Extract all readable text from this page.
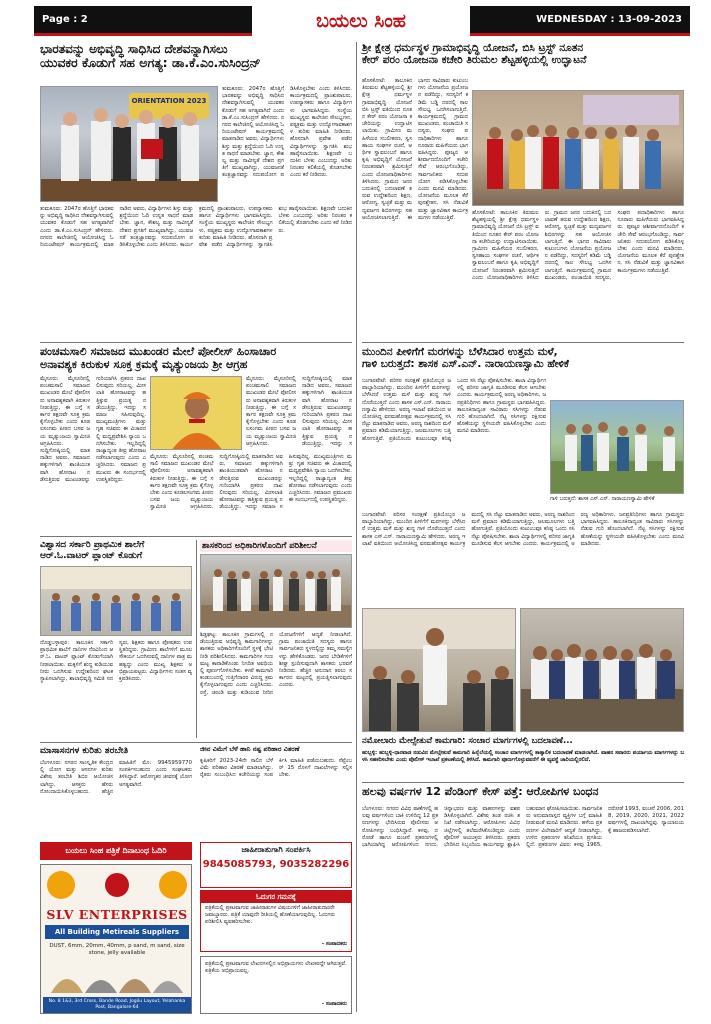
Page : 2	ಬಯಲು ಸಿಂಹ	WEDNESDAY : 13-09-2023
ಭಾರತವನ್ನು ಅಭಿವೃದ್ಧಿ ಸಾಧಿಸಿದ ದೇಶವನ್ನಾಗಿಸಲು
ಯುವಕರ ಕೊಡುಗೆ ಸಹ ಅಗತ್ಯ: ಡಾ.ಕೆ.ಎಂ.ಸುಸಿಂದ್ರನ್
ORIENTATION 2023
ತುಮಕೂರು: 2047ರ ಹೊತ್ತಿಗೆ ಭಾರತವನ್ನು ಅಭಿವೃದ್ಧಿ ಸಾಧಿಸಿದ ದೇಶವನ್ನಾಗಿಸುವಲ್ಲಿ ಯುವಕರ ಕೊಡುಗೆ ಸಹ ಅಗತ್ಯವಾಗಿದೆ ಎಂದು ಡಾ.ಕೆ.ಎಂ.ಸುಸಿಂದ್ರನ್ ಹೇಳಿದರು. ನಗರದ ಕಾಲೇಜಿನಲ್ಲಿ ಆಯೋಜಿಸಿದ್ದ ಓರಿಯಂಟೇಷನ್ ಕಾರ್ಯಕ್ರಮದಲ್ಲಿ ಮಾತನಾಡಿದ ಅವರು, ವಿದ್ಯಾರ್ಥಿಗಳು ಶಿಸ್ತು ಮತ್ತು ಶ್ರದ್ಧೆಯಿಂದ ಓದಿ ಉನ್ನತ ಸಾಧನೆ ಮಾಡಬೇಕು. ಜ್ಞಾನ, ಕೌಶಲ್ಯ ಮತ್ತು ನಾವೀನ್ಯತೆ ದೇಶದ ಪ್ರಗತಿಗೆ ಮುಖ್ಯವಾಗಿದ್ದು, ಯುವಜನತೆ ತಂತ್ರಜ್ಞಾನವನ್ನು ಸದುಪಯೋಗ ಪಡಿಸಿಕೊಳ್ಳಬೇಕು ಎಂದು ತಿಳಿಸಿದರು. ಕಾರ್ಯಕ್ರಮದಲ್ಲಿ ಪ್ರಾಂಶುಪಾಲರು, ಉಪನ್ಯಾಸಕರು ಹಾಗೂ ವಿದ್ಯಾರ್ಥಿಗಳು ಭಾಗವಹಿಸಿದ್ದರು. ಸಂಸ್ಥೆಯ ಮುಖ್ಯಸ್ಥರು ಕಾಲೇಜಿನ ಸೌಲಭ್ಯಗಳು, ಪಠ್ಯಕ್ರಮ ಮತ್ತು ಉದ್ಯೋಗಾವಕಾಶಗಳ ಕುರಿತು ಮಾಹಿತಿ ನೀಡಿದರು. ಹೊಸದಾಗಿ ಪ್ರವೇಶ ಪಡೆದ ವಿದ್ಯಾರ್ಥಿಗಳನ್ನು ಸ್ವಾಗತಿಸಿ ಶುಭ ಹಾರೈಸಲಾಯಿತು. ಶಿಕ್ಷಣವೇ ಬದುಕಿನ ಬೆಳಕು ಎಂಬುದನ್ನು ಅರಿತು ನಿರಂತರ ಕಲಿಕೆಯಲ್ಲಿ ತೊಡಗಬೇಕು ಎಂದು ಕರೆ ನೀಡಿದರು.
ತುಮಕೂರು: 2047ರ ಹೊತ್ತಿಗೆ ಭಾರತವನ್ನು ಅಭಿವೃದ್ಧಿ ಸಾಧಿಸಿದ ದೇಶವನ್ನಾಗಿಸುವಲ್ಲಿ ಯುವಕರ ಕೊಡುಗೆ ಸಹ ಅಗತ್ಯವಾಗಿದೆ ಎಂದು ಡಾ.ಕೆ.ಎಂ.ಸುಸಿಂದ್ರನ್ ಹೇಳಿದರು. ನಗರದ ಕಾಲೇಜಿನಲ್ಲಿ ಆಯೋಜಿಸಿದ್ದ ಓರಿಯಂಟೇಷನ್ ಕಾರ್ಯಕ್ರಮದಲ್ಲಿ ಮಾತನಾಡಿದ ಅವರು, ವಿದ್ಯಾರ್ಥಿಗಳು ಶಿಸ್ತು ಮತ್ತು ಶ್ರದ್ಧೆಯಿಂದ ಓದಿ ಉನ್ನತ ಸಾಧನೆ ಮಾಡಬೇಕು. ಜ್ಞಾನ, ಕೌಶಲ್ಯ ಮತ್ತು ನಾವೀನ್ಯತೆ ದೇಶದ ಪ್ರಗತಿಗೆ ಮುಖ್ಯವಾಗಿದ್ದು, ಯುವಜನತೆ ತಂತ್ರಜ್ಞಾನವನ್ನು ಸದುಪಯೋಗ ಪಡಿಸಿಕೊಳ್ಳಬೇಕು ಎಂದು ತಿಳಿಸಿದರು. ಕಾರ್ಯಕ್ರಮದಲ್ಲಿ ಪ್ರಾಂಶುಪಾಲರು, ಉಪನ್ಯಾಸಕರು ಹಾಗೂ ವಿದ್ಯಾರ್ಥಿಗಳು ಭಾಗವಹಿಸಿದ್ದರು. ಸಂಸ್ಥೆಯ ಮುಖ್ಯಸ್ಥರು ಕಾಲೇಜಿನ ಸೌಲಭ್ಯಗಳು, ಪಠ್ಯಕ್ರಮ ಮತ್ತು ಉದ್ಯೋಗಾವಕಾಶಗಳ ಕುರಿತು ಮಾಹಿತಿ ನೀಡಿದರು. ಹೊಸದಾಗಿ ಪ್ರವೇಶ ಪಡೆದ ವಿದ್ಯಾರ್ಥಿಗಳನ್ನು ಸ್ವಾಗತಿಸಿ ಶುಭ ಹಾರೈಸಲಾಯಿತು. ಶಿಕ್ಷಣವೇ ಬದುಕಿನ ಬೆಳಕು ಎಂಬುದನ್ನು ಅರಿತು ನಿರಂತರ ಕಲಿಕೆಯಲ್ಲಿ ತೊಡಗಬೇಕು ಎಂದು ಕರೆ ನೀಡಿದರು.
ಶ್ರೀ ಕ್ಷೇತ್ರ ಧರ್ಮಸ್ಥಳ ಗ್ರಾಮಾಭಿವೃದ್ಧಿ ಯೋಜನೆ, ಬಿಸಿ ಟ್ರಸ್ಟ್ ನೂತನ
ಕೇರ್ ಪರಂ ಯೋಜನಾ ಕಚೇರಿ ತಿರುಮಲ ಶೆಟ್ಟಹಳ್ಳಿಯಲ್ಲಿ ಉದ್ಘಾಟನೆ
ಹೊಸಕೋಟೆ: ತಾಲೂಕಿನ ತಿರುಮಲ ಶೆಟ್ಟಹಳ್ಳಿಯಲ್ಲಿ ಶ್ರೀ ಕ್ಷೇತ್ರ ಧರ್ಮಸ್ಥಳ ಗ್ರಾಮಾಭಿವೃದ್ಧಿ ಯೋಜನೆ ಬಿಸಿ ಟ್ರಸ್ಟ್ ವತಿಯಿಂದ ನೂತನ ಕೇರ್ ಪರಂ ಯೋಜನಾ ಕಚೇರಿಯನ್ನು ಉದ್ಘಾಟಿಸಲಾಯಿತು. ಗ್ರಾಮೀಣ ಮಹಿಳೆಯರ ಸಬಲೀಕರಣ, ಸ್ವಸಹಾಯ ಸಂಘಗಳ ರಚನೆ, ಆರ್ಥಿಕ ಸ್ವಾವಲಂಬನೆ ಹಾಗೂ ಕೃಷಿ ಅಭಿವೃದ್ಧಿಗೆ ಯೋಜನೆ ನಿರಂತರವಾಗಿ ಶ್ರಮಿಸುತ್ತಿದೆ ಎಂದು ಯೋಜನಾಧಿಕಾರಿಗಳು ತಿಳಿಸಿದರು. ಗ್ರಾಮದ ಜನರ ಬದುಕಿನಲ್ಲಿ ಬದಲಾವಣೆ ತರುವ ಉದ್ದೇಶದಿಂದ ಶಿಕ್ಷಣ, ಆರೋಗ್ಯ, ಸ್ವಚ್ಛತೆ ಮತ್ತು ಮದ್ಯವರ್ಜನ ಶಿಬಿರಗಳನ್ನು ಸಹ ಆಯೋಜಿಸಲಾಗುತ್ತಿದೆ. ಈ ಭಾಗದ ಸಾವಿರಾರು ಕುಟುಂಬಗಳು ಯೋಜನೆಯ ಪ್ರಯೋಜನ ಪಡೆದಿದ್ದು, ಸದಸ್ಯರಿಗೆ ಕಡಿಮೆ ಬಡ್ಡಿ ದರದಲ್ಲಿ ಸಾಲ ಸೌಲಭ್ಯ ಒದಗಿಸಲಾಗುತ್ತಿದೆ. ಕಾರ್ಯಕ್ರಮದಲ್ಲಿ ಗ್ರಾಮದ ಮುಖಂಡರು, ಪಂಚಾಯಿತಿ ಸದಸ್ಯರು, ಸಂಘದ ಪದಾಧಿಕಾರಿಗಳು ಹಾಗೂ ನೂರಾರು ಮಹಿಳೆಯರು ಭಾಗವಹಿಸಿದ್ದರು. ಪೂಜ್ಯರ ಆಶೀರ್ವಾದದೊಂದಿಗೆ ಕಚೇರಿ ಸೇವೆ ಆರಂಭಗೊಂಡಿದ್ದು, ಸಾರ್ವಜನಿಕರು ಸದುಪಯೋಗ ಪಡಿಸಿಕೊಳ್ಳಬೇಕು ಎಂದು ಮನವಿ ಮಾಡಿದರು. ಯೋಜನೆಯ ಮೂಲಕ ಕೆರೆ ಪುನಶ್ಚೇತನ, ಸಸಿ ನೆಡುವಿಕೆ ಮತ್ತು ಜ್ಞಾನವಿಕಾಸ ಕಾರ್ಯಕ್ರಮಗಳು ನಡೆಯುತ್ತಿವೆ.
ಹೊಸಕೋಟೆ: ತಾಲೂಕಿನ ತಿರುಮಲ ಶೆಟ್ಟಹಳ್ಳಿಯಲ್ಲಿ ಶ್ರೀ ಕ್ಷೇತ್ರ ಧರ್ಮಸ್ಥಳ ಗ್ರಾಮಾಭಿವೃದ್ಧಿ ಯೋಜನೆ ಬಿಸಿ ಟ್ರಸ್ಟ್ ವತಿಯಿಂದ ನೂತನ ಕೇರ್ ಪರಂ ಯೋಜನಾ ಕಚೇರಿಯನ್ನು ಉದ್ಘಾಟಿಸಲಾಯಿತು. ಗ್ರಾಮೀಣ ಮಹಿಳೆಯರ ಸಬಲೀಕರಣ, ಸ್ವಸಹಾಯ ಸಂಘಗಳ ರಚನೆ, ಆರ್ಥಿಕ ಸ್ವಾವಲಂಬನೆ ಹಾಗೂ ಕೃಷಿ ಅಭಿವೃದ್ಧಿಗೆ ಯೋಜನೆ ನಿರಂತರವಾಗಿ ಶ್ರಮಿಸುತ್ತಿದೆ ಎಂದು ಯೋಜನಾಧಿಕಾರಿಗಳು ತಿಳಿಸಿದರು. ಗ್ರಾಮದ ಜನರ ಬದುಕಿನಲ್ಲಿ ಬದಲಾವಣೆ ತರುವ ಉದ್ದೇಶದಿಂದ ಶಿಕ್ಷಣ, ಆರೋಗ್ಯ, ಸ್ವಚ್ಛತೆ ಮತ್ತು ಮದ್ಯವರ್ಜನ ಶಿಬಿರಗಳನ್ನು ಸಹ ಆಯೋಜಿಸಲಾಗುತ್ತಿದೆ. ಈ ಭಾಗದ ಸಾವಿರಾರು ಕುಟುಂಬಗಳು ಯೋಜನೆಯ ಪ್ರಯೋಜನ ಪಡೆದಿದ್ದು, ಸದಸ್ಯರಿಗೆ ಕಡಿಮೆ ಬಡ್ಡಿ ದರದಲ್ಲಿ ಸಾಲ ಸೌಲಭ್ಯ ಒದಗಿಸಲಾಗುತ್ತಿದೆ. ಕಾರ್ಯಕ್ರಮದಲ್ಲಿ ಗ್ರಾಮದ ಮುಖಂಡರು, ಪಂಚಾಯಿತಿ ಸದಸ್ಯರು, ಸಂಘದ ಪದಾಧಿಕಾರಿಗಳು ಹಾಗೂ ನೂರಾರು ಮಹಿಳೆಯರು ಭಾಗವಹಿಸಿದ್ದರು. ಪೂಜ್ಯರ ಆಶೀರ್ವಾದದೊಂದಿಗೆ ಕಚೇರಿ ಸೇವೆ ಆರಂಭಗೊಂಡಿದ್ದು, ಸಾರ್ವಜನಿಕರು ಸದುಪಯೋಗ ಪಡಿಸಿಕೊಳ್ಳಬೇಕು ಎಂದು ಮನವಿ ಮಾಡಿದರು. ಯೋಜನೆಯ ಮೂಲಕ ಕೆರೆ ಪುನಶ್ಚೇತನ, ಸಸಿ ನೆಡುವಿಕೆ ಮತ್ತು ಜ್ಞಾನವಿಕಾಸ ಕಾರ್ಯಕ್ರಮಗಳು ನಡೆಯುತ್ತಿವೆ.
ಪಂಚಮಸಾಲಿ ಸಮಾಜದ ಮುಖಂಡರ ಮೇಲೆ ಪೋಲೀಸ್ ಹಿಂಸಾಚಾರ
ಅನಾವಶ್ಯಕ ಕಿರುಕುಳ ಸೂಕ್ತ ಕ್ರಮಕ್ಕೆ ಮೃತ್ಯುಂಜಯ ಶ್ರೀ ಆಗ್ರಹ
ಮೈಸೂರು: ಮೈಸೂರಿನಲ್ಲಿ ಪಂಚಮಸಾಲಿ ಸಮಾಜದ ಮುಖಂಡರ ಮೇಲೆ ಪೋಲೀಸರು ಅನಾವಶ್ಯಕವಾಗಿ ಕಿರುಕುಳ ನೀಡುತ್ತಿದ್ದು, ಈ ಬಗ್ಗೆ ಸರ್ಕಾರ ತಕ್ಷಣವೇ ಸೂಕ್ತ ಕ್ರಮ ಕೈಗೊಳ್ಳಬೇಕು ಎಂದು ಕೂಡಲಸಂಗಮ ಪೀಠದ ಬಸವ ಜಯ ಮೃತ್ಯುಂಜಯ ಸ್ವಾಮೀಜಿ ಆಗ್ರಹಿಸಿದರು. ಸುದ್ದಿಗೋಷ್ಠಿಯಲ್ಲಿ ಮಾತನಾಡಿದ ಅವರು, ಸಮಾಜದ ಹಕ್ಕುಗಳಿಗಾಗಿ ಶಾಂತಿಯುತವಾಗಿ ಹೋರಾಟ ನಡೆಸುತ್ತಿರುವ ಮುಖಂಡರನ್ನು ಗುರಿಯಾಗಿಸಿ ಪ್ರಕರಣ ದಾಖಲಿಸುವುದು ಸರಿಯಲ್ಲ. ಮೀಸಲಾತಿ ಹೋರಾಟವನ್ನು ಹತ್ತಿಕ್ಕುವ ಪ್ರಯತ್ನ ನಡೆಯುತ್ತಿದ್ದು, ಇದನ್ನು ಸಮಾಜ ಸಹಿಸುವುದಿಲ್ಲ. ಮುಖ್ಯಮಂತ್ರಿಗಳು ಮತ್ತು ಗೃಹ ಸಚಿವರು ಈ ವಿಚಾರದಲ್ಲಿ ಮಧ್ಯಪ್ರವೇಶಿಸಿ ನ್ಯಾಯ ಒದಗಿಸಬೇಕು. ಇಲ್ಲದಿದ್ದಲ್ಲಿ ರಾಜ್ಯಾದ್ಯಂತ ತೀವ್ರ ಹೋರಾಟ ನಡೆಸಲಾಗುವುದು ಎಂದು ಎಚ್ಚರಿಸಿದರು. ಸಮಾಜದ ಪ್ರಮುಖರು ಈ ಸಂದರ್ಭದಲ್ಲಿ ಉಪಸ್ಥಿತರಿದ್ದರು.
ಮೈಸೂರು: ಮೈಸೂರಿನಲ್ಲಿ ಪಂಚಮಸಾಲಿ ಸಮಾಜದ ಮುಖಂಡರ ಮೇಲೆ ಪೋಲೀಸರು ಅನಾವಶ್ಯಕವಾಗಿ ಕಿರುಕುಳ ನೀಡುತ್ತಿದ್ದು, ಈ ಬಗ್ಗೆ ಸರ್ಕಾರ ತಕ್ಷಣವೇ ಸೂಕ್ತ ಕ್ರಮ ಕೈಗೊಳ್ಳಬೇಕು ಎಂದು ಕೂಡಲಸಂಗಮ ಪೀಠದ ಬಸವ ಜಯ ಮೃತ್ಯುಂಜಯ ಸ್ವಾಮೀಜಿ ಆಗ್ರಹಿಸಿದರು. ಸುದ್ದಿಗೋಷ್ಠಿಯಲ್ಲಿ ಮಾತನಾಡಿದ ಅವರು, ಸಮಾಜದ ಹಕ್ಕುಗಳಿಗಾಗಿ ಶಾಂತಿಯುತವಾಗಿ ಹೋರಾಟ ನಡೆಸುತ್ತಿರುವ ಮುಖಂಡರನ್ನು ಗುರಿಯಾಗಿಸಿ ಪ್ರಕರಣ ದಾಖಲಿಸುವುದು ಸರಿಯಲ್ಲ. ಮೀಸಲಾತಿ ಹೋರಾಟವನ್ನು ಹತ್ತಿಕ್ಕುವ ಪ್ರಯತ್ನ ನಡೆಯುತ್ತಿದ್ದು, ಇದನ್ನು ಸ
ಮೈಸೂರು: ಮೈಸೂರಿನಲ್ಲಿ ಪಂಚಮಸಾಲಿ ಸಮಾಜದ ಮುಖಂಡರ ಮೇಲೆ ಪೋಲೀಸರು ಅನಾವಶ್ಯಕವಾಗಿ ಕಿರುಕುಳ ನೀಡುತ್ತಿದ್ದು, ಈ ಬಗ್ಗೆ ಸರ್ಕಾರ ತಕ್ಷಣವೇ ಸೂಕ್ತ ಕ್ರಮ ಕೈಗೊಳ್ಳಬೇಕು ಎಂದು ಕೂಡಲಸಂಗಮ ಪೀಠದ ಬಸವ ಜಯ ಮೃತ್ಯುಂಜಯ ಸ್ವಾಮೀಜಿ ಆಗ್ರಹಿಸಿದರು. ಸುದ್ದಿಗೋಷ್ಠಿಯಲ್ಲಿ ಮಾತನಾಡಿದ ಅವರು, ಸಮಾಜದ ಹಕ್ಕುಗಳಿಗಾಗಿ ಶಾಂತಿಯುತವಾಗಿ ಹೋರಾಟ ನಡೆಸುತ್ತಿರುವ ಮುಖಂಡರನ್ನು ಗುರಿಯಾಗಿಸಿ ಪ್ರಕರಣ ದಾಖಲಿಸುವುದು ಸರಿಯಲ್ಲ. ಮೀಸಲಾತಿ ಹೋರಾಟವನ್ನು ಹತ್ತಿಕ್ಕುವ ಪ್ರಯತ್ನ ನಡೆಯುತ್ತಿದ್ದು, ಇದನ್ನು ಸಮಾಜ ಸಹಿಸುವುದಿಲ್ಲ. ಮುಖ್ಯಮಂತ್ರಿಗಳು ಮತ್ತು ಗೃಹ ಸಚಿವರು ಈ ವಿಚಾರದಲ್ಲಿ ಮಧ್ಯಪ್ರವೇಶಿಸಿ ನ್ಯಾಯ ಒದಗಿಸಬೇಕು. ಇಲ್ಲದಿದ್ದಲ್ಲಿ ರಾಜ್ಯಾದ್ಯಂತ ತೀವ್ರ ಹೋರಾಟ ನಡೆಸಲಾಗುವುದು ಎಂದು ಎಚ್ಚರಿಸಿದರು. ಸಮಾಜದ ಪ್ರಮುಖರು ಈ ಸಂದರ್ಭದಲ್ಲಿ ಉಪಸ್ಥಿತರಿದ್ದರು.
ಮುಂದಿನ ಪೀಳಿಗೆಗೆ ಮರಗಳನ್ನು ಬೆಳೆಸಿದಾರ ಉತ್ತಮ ಮಳೆ,
ಗಾಳಿ ಬರುತ್ತದೆ: ಶಾಸಕ ಎಸ್.ಎನ್. ನಾರಾಯಣಸ್ವಾಮಿ ಹೇಳಿಕೆ
ಬಂಗಾರಪೇಟೆ: ಪರಿಸರ ಸಂರಕ್ಷಣೆ ಪ್ರತಿಯೊಬ್ಬರ ಜವಾಬ್ದಾರಿಯಾಗಿದ್ದು, ಮುಂದಿನ ಪೀಳಿಗೆಗೆ ಮರಗಳನ್ನು ಬೆಳೆಸಿದರೆ ಉತ್ತಮ ಮಳೆ ಮತ್ತು ಶುದ್ಧ ಗಾಳಿ ದೊರೆಯುತ್ತದೆ ಎಂದು ಶಾಸಕ ಎಸ್.ಎನ್. ನಾರಾಯಣಸ್ವಾಮಿ ಹೇಳಿದರು. ಅರಣ್ಯ ಇಲಾಖೆ ವತಿಯಿಂದ ಆಯೋಜಿಸಿದ್ದ ವನಮಹೋತ್ಸವ ಕಾರ್ಯಕ್ರಮದಲ್ಲಿ ಸಸಿ ನೆಟ್ಟು ಮಾತನಾಡಿದ ಅವರು, ಅರಣ್ಯ ನಾಶದಿಂದ ಮಳೆ ಪ್ರಮಾಣ ಕಡಿಮೆಯಾಗುತ್ತಿದ್ದು, ಜಲಮೂಲಗಳು ಬತ್ತಿ ಹೋಗುತ್ತಿವೆ. ಪ್ರತಿಯೊಂದು ಕುಟುಂಬವೂ ಕನಿಷ್ಠ ಒಂದು ಸಸಿ ನೆಟ್ಟು ಪೋಷಿಸಬೇಕು. ಶಾಲಾ ವಿದ್ಯಾರ್ಥಿಗಳಲ್ಲಿ ಪರಿಸರ ಜಾಗೃತಿ ಮೂಡಿಸುವ ಕೆಲಸ ಆಗಬೇಕು ಎಂದರು. ಕಾರ್ಯಕ್ರಮದಲ್ಲಿ ಅರಣ್ಯ ಅಧಿಕಾರಿಗಳು, ಜನಪ್ರತಿನಿಧಿಗಳು ಹಾಗೂ ಗ್ರಾಮಸ್ಥರು ಭಾಗವಹಿಸಿದ್ದರು. ತಾಲೂಕಿನಾದ್ಯಂತ ಸಾವಿರಾರು ಸಸಿಗಳನ್ನು ನೆಡುವ ಗುರಿ ಹೊಂದಲಾಗಿದೆ. ನೆಟ್ಟ ಸಸಿಗಳನ್ನು ರಕ್ಷಿಸುವ ಹೊಣೆಯನ್ನು ಸ್ಥಳೀಯರೇ ವಹಿಸಿಕೊಳ್ಳಬೇಕು ಎಂದು ಮನವಿ ಮಾಡಿದರು.
ಗಾಳಿ ಬರುತ್ತದೆ: ಶಾಸಕ ಎಸ್.ಎನ್. ನಾರಾಯಣಸ್ವಾಮಿ ಹೇಳಿಕೆ
ಬಂಗಾರಪೇಟೆ: ಪರಿಸರ ಸಂರಕ್ಷಣೆ ಪ್ರತಿಯೊಬ್ಬರ ಜವಾಬ್ದಾರಿಯಾಗಿದ್ದು, ಮುಂದಿನ ಪೀಳಿಗೆಗೆ ಮರಗಳನ್ನು ಬೆಳೆಸಿದರೆ ಉತ್ತಮ ಮಳೆ ಮತ್ತು ಶುದ್ಧ ಗಾಳಿ ದೊರೆಯುತ್ತದೆ ಎಂದು ಶಾಸಕ ಎಸ್.ಎನ್. ನಾರಾಯಣಸ್ವಾಮಿ ಹೇಳಿದರು. ಅರಣ್ಯ ಇಲಾಖೆ ವತಿಯಿಂದ ಆಯೋಜಿಸಿದ್ದ ವನಮಹೋತ್ಸವ ಕಾರ್ಯಕ್ರಮದಲ್ಲಿ ಸಸಿ ನೆಟ್ಟು ಮಾತನಾಡಿದ ಅವರು, ಅರಣ್ಯ ನಾಶದಿಂದ ಮಳೆ ಪ್ರಮಾಣ ಕಡಿಮೆಯಾಗುತ್ತಿದ್ದು, ಜಲಮೂಲಗಳು ಬತ್ತಿ ಹೋಗುತ್ತಿವೆ. ಪ್ರತಿಯೊಂದು ಕುಟುಂಬವೂ ಕನಿಷ್ಠ ಒಂದು ಸಸಿ ನೆಟ್ಟು ಪೋಷಿಸಬೇಕು. ಶಾಲಾ ವಿದ್ಯಾರ್ಥಿಗಳಲ್ಲಿ ಪರಿಸರ ಜಾಗೃತಿ ಮೂಡಿಸುವ ಕೆಲಸ ಆಗಬೇಕು ಎಂದರು. ಕಾರ್ಯಕ್ರಮದಲ್ಲಿ ಅರಣ್ಯ ಅಧಿಕಾರಿಗಳು, ಜನಪ್ರತಿನಿಧಿಗಳು ಹಾಗೂ ಗ್ರಾಮಸ್ಥರು ಭಾಗವಹಿಸಿದ್ದರು. ತಾಲೂಕಿನಾದ್ಯಂತ ಸಾವಿರಾರು ಸಸಿಗಳನ್ನು ನೆಡುವ ಗುರಿ ಹೊಂದಲಾಗಿದೆ. ನೆಟ್ಟ ಸಸಿಗಳನ್ನು ರಕ್ಷಿಸುವ ಹೊಣೆಯನ್ನು ಸ್ಥಳೀಯರೇ ವಹಿಸಿಕೊಳ್ಳಬೇಕು ಎಂದು ಮನವಿ ಮಾಡಿದರು.
ವಿಶ್ವಾಸದ ಸರ್ಕಾರಿ ಪ್ರಾಥಮಿಕ ಶಾಲೆಗೆ
ಆರ್.ಓ.ವಾಟರ್ ಪ್ಲಾಂಟ್ ಕೊಡುಗೆ
ದೊಡ್ಡಬಳ್ಳಾಪುರ: ತಾಲೂಕಿನ ಸರ್ಕಾರಿ ಪ್ರಾಥಮಿಕ ಶಾಲೆಗೆ ದಾನಿಗಳ ನೆರವಿನಿಂದ ಆರ್.ಓ. ವಾಟರ್ ಪ್ಲಾಂಟ್ ಕೊಡುಗೆಯಾಗಿ ನೀಡಲಾಯಿತು. ಮಕ್ಕಳಿಗೆ ಶುದ್ಧ ಕುಡಿಯುವ ನೀರು ಒದಗಿಸುವ ಉದ್ದೇಶದಿಂದ ಘಟಕ ಸ್ಥಾಪಿಸಲಾಗಿದ್ದು, ಶಾಲಾಭಿವೃದ್ಧಿ ಸಮಿತಿ ಸದಸ್ಯರು, ಶಿಕ್ಷಕರು ಹಾಗೂ ಪೋಷಕರು ಉಪಸ್ಥಿತರಿದ್ದರು. ಗ್ರಾಮೀಣ ಶಾಲೆಗಳಿಗೆ ಮೂಲ ಸೌಕರ್ಯ ಒದಗಿಸುವಲ್ಲಿ ದಾನಿಗಳ ಪಾತ್ರ ಮಹತ್ವದ್ದು ಎಂದು ಮುಖ್ಯ ಶಿಕ್ಷಕರು ಅಭಿಪ್ರಾಯಪಟ್ಟರು. ವಿದ್ಯಾರ್ಥಿಗಳು ಸಂತಸ ವ್ಯಕ್ತಪಡಿಸಿದರು.
ಶಾಸಕರಿಂದ ಅಧಿಕಾರಿಗಳೊಂದಿಗೆ ಪರಿಶೀಲನೆ
ಶಿಡ್ಲಘಟ್ಟ: ತಾಲೂಕಿನ ಗ್ರಾಮಗಳಲ್ಲಿ ನಡೆಯುತ್ತಿರುವ ಅಭಿವೃದ್ಧಿ ಕಾಮಗಾರಿಗಳನ್ನು ಶಾಸಕರು ಅಧಿಕಾರಿಗಳೊಂದಿಗೆ ಸ್ಥಳಕ್ಕೆ ಭೇಟಿ ನೀಡಿ ಪರಿಶೀಲಿಸಿದರು. ಕಾಮಗಾರಿಗಳ ಗುಣಮಟ್ಟ ಕಾಪಾಡಿಕೊಂಡು ನಿಗದಿತ ಅವಧಿಯಲ್ಲಿ ಪೂರ್ಣಗೊಳಿಸಬೇಕು. ಕಳಪೆ ಕಾಮಗಾರಿ ಕಂಡುಬಂದಲ್ಲಿ ಗುತ್ತಿಗೆದಾರರ ವಿರುದ್ಧ ಕ್ರಮ ಕೈಗೊಳ್ಳಲಾಗುವುದು ಎಂದು ಎಚ್ಚರಿಸಿದರು. ರಸ್ತೆ, ಚರಂಡಿ ಮತ್ತು ಕುಡಿಯುವ ನೀರಿನ ಯೋಜನೆಗಳಿಗೆ ಆದ್ಯತೆ ನೀಡಲಾಗಿದೆ. ಗ್ರಾಮ ಪಂಚಾಯಿತಿ ಸದಸ್ಯರು ಹಾಗೂ ಸಾರ್ವಜನಿಕರು ಸ್ಥಳದಲ್ಲಿದ್ದು ತಮ್ಮ ಸಮಸ್ಯೆಗಳನ್ನು ಹೇಳಿಕೊಂಡರು. ಜನರ ಬೇಡಿಕೆಗಳಿಗೆ ಶೀಘ್ರ ಸ್ಪಂದಿಸುವುದಾಗಿ ಶಾಸಕರು ಭರವಸೆ ನೀಡಿದರು. ಹೆಚ್ಚಿನ ಅನುದಾನ ತರಲು ಸರ್ಕಾರದ ಮಟ್ಟದಲ್ಲಿ ಪ್ರಯತ್ನಿಸಲಾಗುವುದು ಎಂದರು.
ಮಾಸಾಸನಗಳ ಕುರಿತು ತರಬೇತಿ
ಬೆಂಗಳೂರು: ನಗರದ ಸಾಂಸ್ಕೃತಿಕ ಕೇಂದ್ರದಲ್ಲಿ ಯೋಗ ಮತ್ತು ಆಸನಗಳ ಕುರಿತು ವಿಶೇಷ ತರಬೇತಿ ಶಿಬಿರ ಆಯೋಜಿಸಲಾಗಿದ್ದು, ಆಸಕ್ತರು ಹೆಸರು ನೋಂದಾಯಿಸಿಕೊಳ್ಳಬಹುದು. ಹೆಚ್ಚಿನ ಮಾಹಿತಿಗೆ ಮೊ: 9945959770 ಸಂಪರ್ಕಿಸಬಹುದು ಎಂದು ಸಂಘಟಕರು ತಿಳಿಸಿದ್ದಾರೆ. ಆರೋಗ್ಯಕರ ಜೀವನಕ್ಕೆ ಯೋಗ ಅಗತ್ಯವಾಗಿದೆ.
ಜೀವ ವಿಮೆಗೆ ಬೆಳೆ ಹಾನಿ ನಷ್ಟ ಪರಿಹಾರ ವಿತರಣೆ
ಕೃಷಿಕರಿಗೆ 2023-24ನೇ ಸಾಲಿನ ಬೆಳೆ ವಿಮೆ ಪರಿಹಾರ ವಿತರಣೆ ಮಾಡಲಾಗಿದ್ದು, ರೈತರು ಸಂಬಂಧಿಸಿದ ಕಚೇರಿಯನ್ನು ಸಂಪರ್ಕಿಸಿ ಮಾಹಿತಿ ಪಡೆಯಬಹುದು. ಸೆಪ್ಟೆಂಬರ್ 15 ರೊಳಗೆ ದಾಖಲೆಗಳನ್ನು ಸಲ್ಲಿಸಬೇಕು.
ಬಯಲು ಸಿಂಹ ಪತ್ರಿಕೆ ದಿನಾಬಂಧ ಓದಿರಿ
SLV ENTERPRISES
All Building Metireals Suppliers
DUST, 6mm, 20mm, 40mm, p sand, m sand, size stone, jelly available
No. 8 1&3, 3rd Cross, Bande Road, Jogilu Layout, Yelahanka Post, Bangalore-64
ಜಾಹೀರಾತುಗಾಗಿ ಸಂಪರ್ಕಿಸಿ
9845085793, 9035282296
ಓದುಗರ ಗಮನಕ್ಕೆ
ಪತ್ರಿಕೆಯಲ್ಲಿ ಪ್ರಕಟವಾಗುವ ಜಾಹೀರಾತುಗಳ ವಿಷಯಗಳಿಗೆ ಜಾಹೀರಾತುದಾರರೇ ಜವಾಬ್ದಾರರು. ಪತ್ರಿಕೆ ಯಾವುದೇ ರೀತಿಯಲ್ಲಿ ಹೊಣೆಯಾಗುವುದಿಲ್ಲ. ಓದುಗರು ಪರಿಶೀಲಿಸಿ ವ್ಯವಹರಿಸಬೇಕು.
- ಸಂಪಾದಕರು
ಪತ್ರಿಕೆಯಲ್ಲಿ ಪ್ರಕಟವಾಗುವ ಲೇಖನಗಳಲ್ಲಿನ ಅಭಿಪ್ರಾಯಗಳು ಲೇಖಕರದ್ದೇ ಆಗಿರುತ್ತವೆ. ಪತ್ರಿಕೆಯ ಅಭಿಪ್ರಾಯವಲ್ಲ.
- ಸಂಪಾದಕರು
ನಮೋಲಾರು ಮೇಲ್ಸೇತುವೆ ಕಾಮಗಾರಿ: ಸಂಚಾರ ಮಾರ್ಗಗಳಲ್ಲಿ ಬದಲಾವಣೆ...
ಹುಬ್ಬಳ್ಳಿ: ಹುಬ್ಬಳ್ಳಿ-ಧಾರವಾಡ ನಡುವಿನ ಮೇಲ್ಸೇತುವೆ ಕಾಮಗಾರಿ ಹಿನ್ನೆಲೆಯಲ್ಲಿ ಸಂಚಾರ ಮಾರ್ಗಗಳಲ್ಲಿ ತಾತ್ಕಾಲಿಕ ಬದಲಾವಣೆ ಮಾಡಲಾಗಿದೆ. ವಾಹನ ಸವಾರರು ಪರ್ಯಾಯ ಮಾರ್ಗಗಳನ್ನು ಬಳಸಿ ಸಹಕರಿಸಬೇಕು ಎಂದು ಪೊಲೀಸ್ ಇಲಾಖೆ ಪ್ರಕಟಣೆಯಲ್ಲಿ ತಿಳಿಸಿದೆ. ಕಾಮಗಾರಿ ಪೂರ್ಣಗೊಳ್ಳುವವರೆಗೆ ಈ ವ್ಯವಸ್ಥೆ ಜಾರಿಯಲ್ಲಿರಲಿದೆ.
ಹಲವು ವರ್ಷಗಳ 12 ಪೆಂಡಿಂಗ್ ಕೇಸ್ ಪತ್ತೆ: ಆರೋಪಿಗಳ ಬಂಧನ
ಬೆಂಗಳೂರು: ನಗರದ ವಿವಿಧ ಠಾಣೆಗಳಲ್ಲಿ ಹಲವು ವರ್ಷಗಳಿಂದ ಬಾಕಿ ಉಳಿದಿದ್ದ 12 ಪ್ರಕರಣಗಳನ್ನು ಭೇದಿಸಿರುವ ಪೊಲೀಸರು ಆರೋಪಿಗಳನ್ನು ಬಂಧಿಸಿದ್ದಾರೆ. ಕಳವು, ದರೋಡೆ ಹಾಗೂ ವಂಚನೆ ಪ್ರಕರಣಗಳಲ್ಲಿ ಭಾಗಿಯಾಗಿದ್ದ ಆರೋಪಿಗಳಿಂದ ನಗದು, ಚಿನ್ನಾಭರಣ ಮತ್ತು ವಾಹನಗಳನ್ನು ವಶಪಡಿಸಿಕೊಳ್ಳಲಾಗಿದೆ. ವಿಶೇಷ ತಂಡ ರಚಿಸಿ ತನಿಖೆ ನಡೆಸಲಾಗಿದ್ದು, ಆರೋಪಿಗಳು ವಿವಿಧ ಜಿಲ್ಲೆಗಳಲ್ಲಿ ತಲೆಮರೆಸಿಕೊಂಡಿದ್ದರು ಎಂದು ಪೊಲೀಸ್ ಆಯುಕ್ತರು ತಿಳಿಸಿದರು. ಪ್ರಕರಣ ಭೇದಿಸಿದ ಸಿಬ್ಬಂದಿಯ ಕಾರ್ಯವನ್ನು ಶ್ಲಾಘಿಸಿ ಬಹುಮಾನ ಘೋಷಿಸಲಾಯಿತು. ಸಾರ್ವಜನಿಕರು ಅನುಮಾನಾಸ್ಪದ ವ್ಯಕ್ತಿಗಳ ಬಗ್ಗೆ ಮಾಹಿತಿ ನೀಡುವಂತೆ ಮನವಿ ಮಾಡಿದರು. ಹಳೆಯ ಪ್ರಕರಣಗಳ ವಿಲೇವಾರಿಗೆ ಆದ್ಯತೆ ನೀಡಲಾಗಿದ್ದು, ಉಳಿದ ಪ್ರಕರಣಗಳ ತನಿಖೆಯೂ ಪ್ರಗತಿಯಲ್ಲಿದೆ. ಪ್ರಕರಣಗಳ ವಿವರ: ಕಳವು 1965, ದರೋಡೆ 1993, ವಂಚನೆ 2006, 2018, 2019, 2020, 2021, 2022 ವರ್ಷಗಳಲ್ಲಿ ದಾಖಲಾಗಿದ್ದವು. ನ್ಯಾಯಾಲಯಕ್ಕೆ ಹಾಜರುಪಡಿಸಲಾಗಿದೆ.
